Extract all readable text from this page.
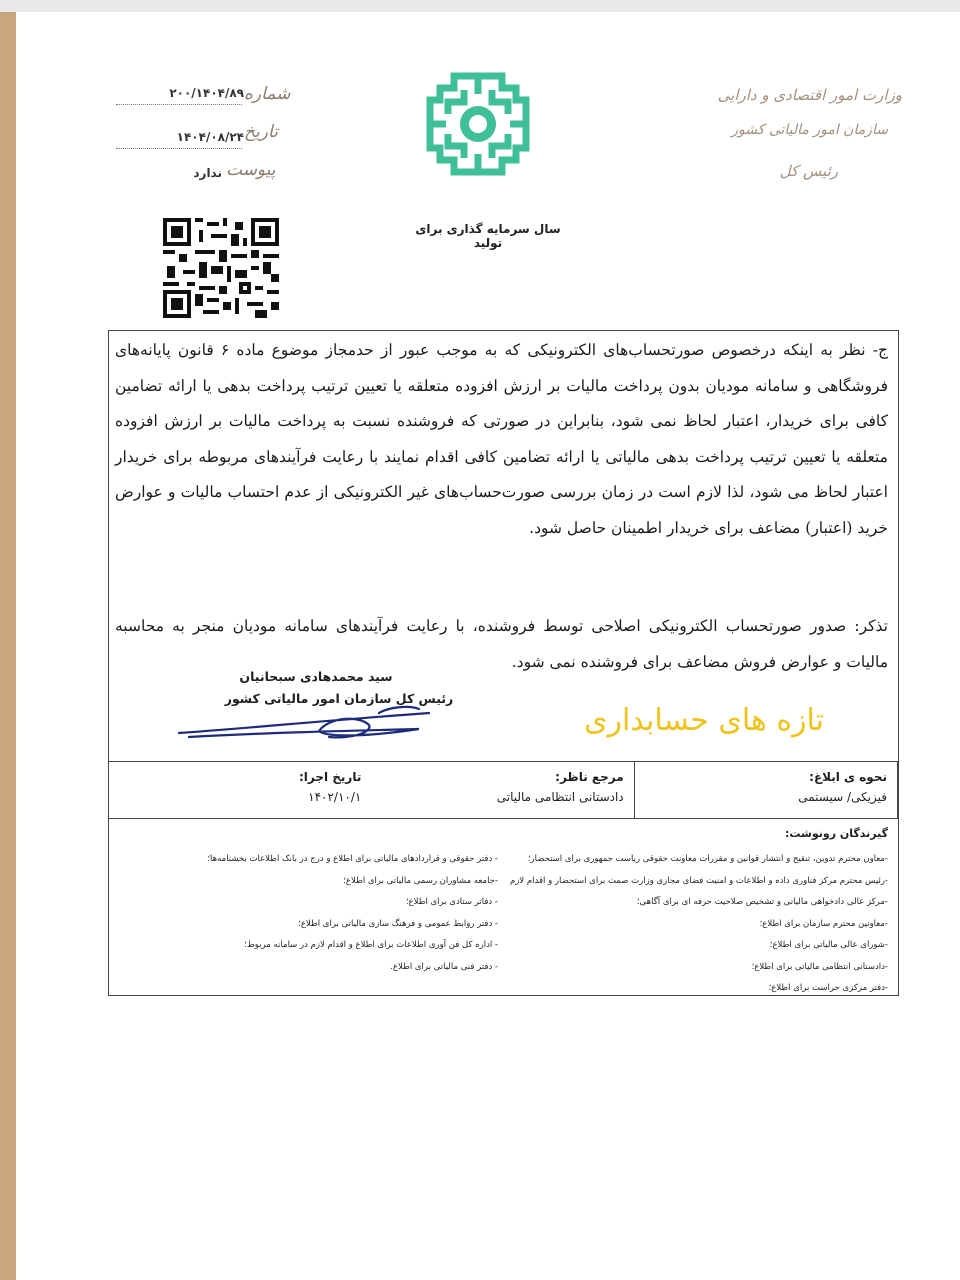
شماره
۲۰۰/۱۴۰۴/۸۹
تاریخ
۱۴۰۴/۰۸/۲۴
پیوست
ندارد
سال سرمایه گذاری برای تولید
وزارت امور اقتصادی و دارایی
سازمان امور مالیاتی کشور
رئیس کل

ج- نظر به اینکه درخصوص صورتحساب‌های الکترونیکی که به موجب عبور از حدمجاز موضوع ماده ۶ قانون پایانه‌های فروشگاهی و سامانه مودیان بدون پرداخت مالیات بر ارزش افزوده متعلقه یا تعیین ترتیب پرداخت بدهی یا ارائه تضامین کافی برای خریدار، اعتبار لحاظ نمی شود، بنابراین در صورتی که فروشنده نسبت به پرداخت مالیات بر ارزش افزوده متعلقه یا تعیین ترتیب پرداخت بدهی مالیاتی یا ارائه تضامین کافی اقدام نمایند با رعایت فرآیندهای مربوطه برای خریدار اعتبار لحاظ می شود، لذا لازم است در زمان بررسی صورت‌حساب‌های غیر الکترونیکی از عدم احتساب مالیات و عوارض خرید (اعتبار) مضاعف برای خریدار اطمینان حاصل شود.

تذکر: صدور صورتحساب الکترونیکی اصلاحی توسط فروشنده، با رعایت فرآیندهای سامانه مودیان منجر به محاسبه مالیات و عوارض فروش مضاعف برای فروشنده نمی شود.

سید محمدهادی سبحانیان
رئیس کل سازمان امور مالیاتی کشور
تازه های حسابداری
تاریخ اجرا:
۱۴۰۲/۱۰/۱
مرجع ناظر:
دادستانی انتظامی مالیاتی
نحوه ی ابلاغ:
فیزیکی/ سیستمی
گیرندگان رونوشت:
-معاون محترم تدوین، تنقیح و انتشار قوانین و مقررات معاونت حقوقی ریاست جمهوری برای استحضار؛
-رئیس محترم مرکز فناوری داده و اطلاعات و امنیت فضای مجازی وزارت صمت برای استحضار و اقدام لازم
-مرکز عالی دادخواهی مالیاتی و تشخیص صلاحیت حرفه ای برای آگاهی؛
-معاونین محترم سازمان برای اطلاع؛
-شورای عالی مالیاتی برای اطلاع؛
-دادستانی انتظامی مالیاتی برای اطلاع؛
-دفتر مرکزی حراست برای اطلاع؛
- دفتر حقوقی و قراردادهای مالیاتی برای اطلاع و درج در بانک اطلاعات بخشنامه‌ها؛
-جامعه مشاوران رسمی مالیاتی برای اطلاع؛
- دفاتر ستادی برای اطلاع؛
- دفتر روابط عمومی و فرهنگ سازی مالیاتی برای اطلاع؛
- اداره کل فن آوری اطلاعات برای اطلاع و اقدام لازم در سامانه مربوط؛
- دفتر فنی مالیاتی برای اطلاع.
